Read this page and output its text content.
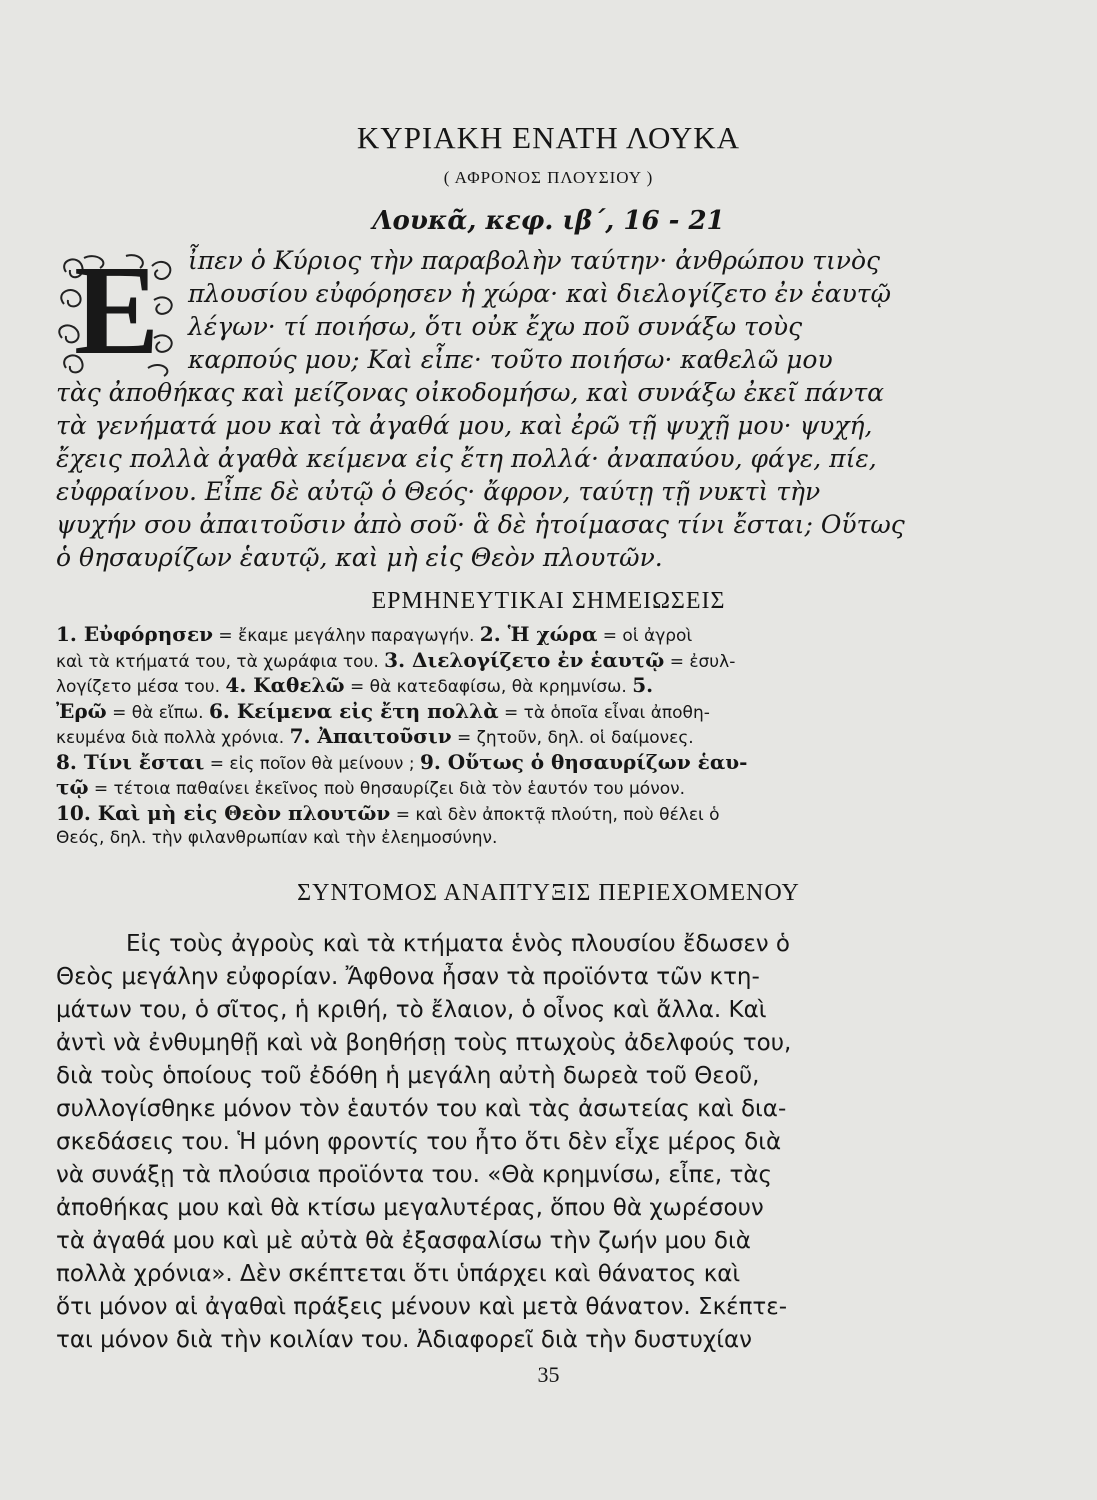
ΚΥΡΙΑΚΗ ΕΝΑΤΗ ΛΟΥΚΑ
( ΑΦΡΟΝΟΣ ΠΛΟΥΣΙΟΥ )
Λουκᾶ, κεφ. ιβ΄, 16 - 21
Ε ἶπεν ὁ Κύριος τὴν παραβολὴν ταύτην· ἀνθρώπου τινὸς
πλουσίου εὐφόρησεν ἡ χώρα· καὶ διελογίζετο ἐν ἑαυτῷ
λέγων· τί ποιήσω, ὅτι οὐκ ἔχω ποῦ συνάξω τοὺς
καρπούς μου; Καὶ εἶπε· τοῦτο ποιήσω· καθελῶ μου
τὰς ἀποθήκας καὶ μείζονας οἰκοδομήσω, καὶ συνάξω ἐκεῖ πάντα
τὰ γενήματά μου καὶ τὰ ἀγαθά μου, καὶ ἐρῶ τῇ ψυχῇ μου· ψυχή,
ἔχεις πολλὰ ἀγαθὰ κείμενα εἰς ἔτη πολλά· ἀναπαύου, φάγε, πίε,
εὐφραίνου. Εἶπε δὲ αὐτῷ ὁ Θεός· ἄφρον, ταύτῃ τῇ νυκτὶ τὴν
ψυχήν σου ἀπαιτοῦσιν ἀπὸ σοῦ· ἃ δὲ ἡτοίμασας τίνι ἔσται; Οὕτως
ὁ θησαυρίζων ἑαυτῷ, καὶ μὴ εἰς Θεὸν πλουτῶν.
ΕΡΜΗΝΕΥΤΙΚΑΙ ΣΗΜΕΙΩΣΕΙΣ
1. Εὐφόρησεν = ἔκαμε μεγάλην παραγωγήν. 2. Ἡ χώρα = οἱ ἀγροὶ
καὶ τὰ κτήματά του, τὰ χωράφια του. 3. Διελογίζετο ἐν ἑαυτῷ = ἐσυλ-
λογίζετο μέσα του. 4. Καθελῶ = θὰ κατεδαφίσω, θὰ κρημνίσω. 5.
Ἐρῶ = θὰ εἴπω. 6. Κείμενα εἰς ἔτη πολλὰ = τὰ ὁποῖα εἶναι ἀποθη-
κευμένα διὰ πολλὰ χρόνια. 7. Ἀπαιτοῦσιν = ζητοῦν, δηλ. οἱ δαίμονες.
8. Τίνι ἔσται = εἰς ποῖον θὰ μείνουν ; 9. Οὕτως ὁ θησαυρίζων ἑαυ-
τῷ = τέτοια παθαίνει ἐκεῖνος ποὺ θησαυρίζει διὰ τὸν ἑαυτόν του μόνον.
10. Καὶ μὴ εἰς Θεὸν πλουτῶν = καὶ δὲν ἀποκτᾷ πλούτη, ποὺ θέλει ὁ
Θεός, δηλ. τὴν φιλανθρωπίαν καὶ τὴν ἐλεημοσύνην.
ΣΥΝΤΟΜΟΣ ΑΝΑΠΤΥΞΙΣ ΠΕΡΙΕΧΟΜΕΝΟΥ
Εἰς τοὺς ἀγροὺς καὶ τὰ κτήματα ἑνὸς πλουσίου ἔδωσεν ὁ
Θεὸς μεγάλην εὐφορίαν. Ἄφθονα ἦσαν τὰ προϊόντα τῶν κτη-
μάτων του, ὁ σῖτος, ἡ κριθή, τὸ ἔλαιον, ὁ οἶνος καὶ ἄλλα. Καὶ
ἀντὶ νὰ ἐνθυμηθῇ καὶ νὰ βοηθήσῃ τοὺς πτωχοὺς ἀδελφούς του,
διὰ τοὺς ὁποίους τοῦ ἐδόθη ἡ μεγάλη αὐτὴ δωρεὰ τοῦ Θεοῦ,
συλλογίσθηκε μόνον τὸν ἑαυτόν του καὶ τὰς ἀσωτείας καὶ δια-
σκεδάσεις του. Ἡ μόνη φροντίς του ἦτο ὅτι δὲν εἶχε μέρος διὰ
νὰ συνάξῃ τὰ πλούσια προϊόντα του. «Θὰ κρημνίσω, εἶπε, τὰς
ἀποθήκας μου καὶ θὰ κτίσω μεγαλυτέρας, ὅπου θὰ χωρέσουν
τὰ ἀγαθά μου καὶ μὲ αὐτὰ θὰ ἐξασφαλίσω τὴν ζωήν μου διὰ
πολλὰ χρόνια». Δὲν σκέπτεται ὅτι ὑπάρχει καὶ θάνατος καὶ
ὅτι μόνον αἱ ἀγαθαὶ πράξεις μένουν καὶ μετὰ θάνατον. Σκέπτε-
ται μόνον διὰ τὴν κοιλίαν του. Ἀδιαφορεῖ διὰ τὴν δυστυχίαν
35
